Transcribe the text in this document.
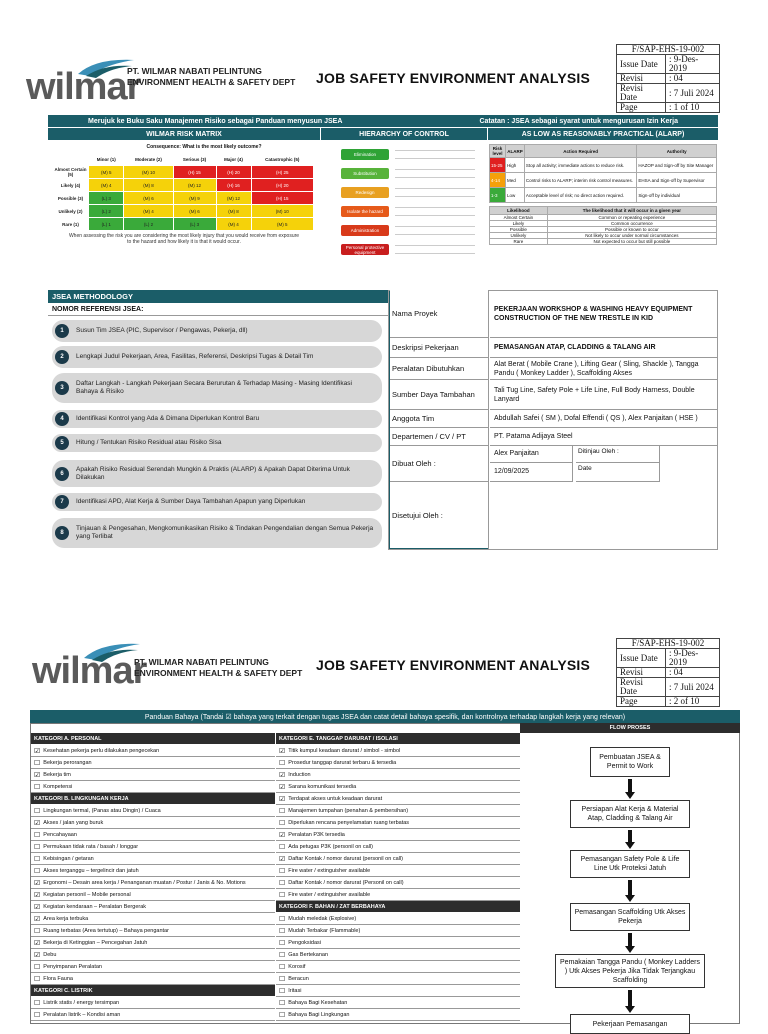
wilmar
PT. WILMAR NABATI PELINTUNG
ENVIRONMENT HEALTH & SAFETY DEPT JOB SAFETY ENVIRONMENT ANALYSIS
F/SAP-EHS-19-002	
Issue Date	: 9-Des-2019
Revisi	: 04
Revisi Date	: 7 Juli 2024
Page	: 1 of 10
Merujuk ke Buku Saku Manajemen Risiko sebagai Panduan menyusun JSEA	Catatan : JSEA sebagai syarat untuk mengurusan Izin Kerja
WILMAR RISK MATRIX	HIERARCHY OF CONTROL	AS LOW AS REASONABLY PRACTICAL (ALARP)
Consequence: What is the most likely outcome?
	Minor (1)	Moderate (2)	Serious (3)	Major (4)	Catastrophic (5)
Almost Certain (5)	(M) 5	(M) 10	(H) 15	(H) 20	(H) 25
Likely (4)	(M) 4	(M) 8	(M) 12	(H) 16	(H) 20
Possible (3)	(L) 3	(M) 6	(M) 9	(M) 12	(H) 15
Unlikely (2)	(L) 2	(M) 4	(M) 6	(M) 8	(M) 10
Rare (1)	(L) 1	(L) 2	(L) 3	(M) 4	(M) 5
When assessing the risk you are considering the most likely injury that you would receive from exposure to the hazard and how likely it is that it would occur.
Elimination
Substitution
Redesign
Isolate the hazard
Administration
Personal protective equipment
Risk level	ALARP	Action Required	Authority
15-25	High	Stop all activity; immediate actions to reduce risk.	HAZOP and Sign-off by Site Manager
4-14	Med	Control risks to ALARP; interim risk control measures.	EHSA and Sign-off by Supervisor
1-3	Low	Acceptable level of risk; no direct action required.	Sign-off by individual
Likelihood	The likelihood that it will occur in a given year
Almost Certain	Common or repeating experience
Likely	Common occurrence
Possible	Possible or known to occur
Unlikely	Not likely to occur under normal circumstances
Rare	Not expected to occur but still possible
JSEA METHODOLOGY
NOMOR REFERENSI JSEA:
1	Susun Tim JSEA (PIC, Supervisor / Pengawas, Pekerja, dll)
2	Lengkapi Judul Pekerjaan, Area, Fasilitas, Referensi, Deskripsi Tugas & Detail Tim
3
Daftar Langkah - Langkah Pekerjaan Secara Berurutan & Terhadap Masing - Masing Identifikasi Bahaya & Risiko
4	Identifikasi Kontrol yang Ada & Dimana Diperlukan Kontrol Baru
5	Hitung / Tentukan Risiko Residual atau Risiko Sisa
6
Apakah Risiko Residual Serendah Mungkin & Praktis (ALARP) & Apakah Dapat Diterima Untuk Dilakukan
7	Identifikasi APD, Alat Kerja & Sumber Daya Tambahan Apapun yang Diperlukan
8
Tinjauan & Pengesahan, Mengkomunikasikan Risiko & Tindakan Pengendalian dengan Semua Pekerja yang Terlibat
Nama Proyek	PEKERJAAN WORKSHOP & WASHING HEAVY EQUIPMENT CONSTRUCTION OF THE NEW TRESTLE IN KID
Deskripsi Pekerjaan	PEMASANGAN ATAP, CLADDING & TALANG AIR
Peralatan Dibutuhkan	Alat Berat ( Mobile Crane ), Lifting Gear ( Sling, Shackle ), Tangga Pandu ( Monkey Ladder ), Scaffolding Akses
Sumber Daya Tambahan	Tali Tug Line, Safety Pole + Life Line, Full Body Harness, Double Lanyard
Anggota Tim	Abdullah Safei ( SM ), Dofal Effendi ( QS ), Alex Panjaitan ( HSE )
Departemen / CV / PT	PT. Patama Adijaya Steel
Dibuat Oleh :
Alex Panjaitan
12/09/2025
Ditinjau Oleh :
Date
Disetujui Oleh :
wilmar
PT. WILMAR NABATI PELINTUNG
ENVIRONMENT HEALTH & SAFETY DEPT JOB SAFETY ENVIRONMENT ANALYSIS
F/SAP-EHS-19-002	
Issue Date	: 9-Des-2019
Revisi	: 04
Revisi Date	: 7 Juli 2024
Page	: 2 of 10
Panduan Bahaya (Tandai ☑ bahaya yang terkait dengan tugas JSEA dan catat detail bahaya spesifik, dan kontrolnya terhadap langkah kerja yang relevan)
FLOW PROSES
KATEGORI A. PERSONAL
☑ Kesehatan pekerja perlu dilakukan pengecekan
☐ Bekerja perorangan
☑ Bekerja tim
☐ Kompetensi
KATEGORI B. LINGKUNGAN KERJA
☐ Lingkungan termal, (Panas atau Dingin) / Cuaca
☑ Akses / jalan yang buruk
☐ Pencahayaan
☐ Permukaan tidak rata / basah / longgar
☐ Kebisingan / getaran
☐ Akses terganggu – tergelincir dan jatuh
☑ Ergonomi – Desain area kerja / Penanganan muatan / Postur / Janis & No. Motions
☑ Kegiatan personil – Mobile personal
☑ Kegiatan kendaraan – Peralatan Bergerak
☑ Area kerja terbuka
☐ Ruang terbatas (Area tertutup) – Bahaya pengantar
☑ Bekerja di Ketinggian – Pencegahan Jatuh
☑ Debu
☐ Penyimpanan Peralatan
☐ Flora Fauna
KATEGORI C. LISTRIK
☐ Listrik statis / energy tersimpan
☐ Peralatan listrik – Kondisi aman
KATEGORI E. TANGGAP DARURAT / ISOLASI
☑ Titik kumpul keadaan darurat / simbol - simbol
☐ Prosedur tanggap darurat terbaru & tersedia
☑ Induction
☑ Sarana komunikasi tersedia
☑ Terdapat akses untuk keadaan darurat
☐ Manajemen tumpahan (penahan & pembersihan)
☐ Diperlukan rencana penyelamatan ruang terbatas
☑ Peralatan P3K tersedia
☐ Ada petugas P3K (personil on call)
☑ Daftar Kontak / nomor darurat (personil on call)
☐ Fire water / extinguisher available
☐ Daftar Kontak / nomor darurat (Personil on call)
☐ Fire water / extinguisher available
KATEGORI F. BAHAN / ZAT BERBAHAYA
☐ Mudah meledak (Explosive)
☐ Mudah Terbakar (Flammable)
☐ Pengoksidasi
☐ Gas Bertekanan
☐ Korosif
☐ Beracun
☐ Iritasi
☐ Bahaya Bagi Kesehatan
☐ Bahaya Bagi Lingkungan
Pembuatan JSEA & Permit to Work
Persiapan Alat Kerja & Material Atap, Cladding & Talang Air
Pemasangan Safety Pole & Life Line Utk Proteksi Jatuh
Pemasangan Scaffolding Utk Akses Pekerja
Pemakaian Tangga Pandu ( Monkey Ladders ) Utk Akses Pekerja Jika Tidak Terjangkau Scaffolding
Pekerjaan Pemasangan
